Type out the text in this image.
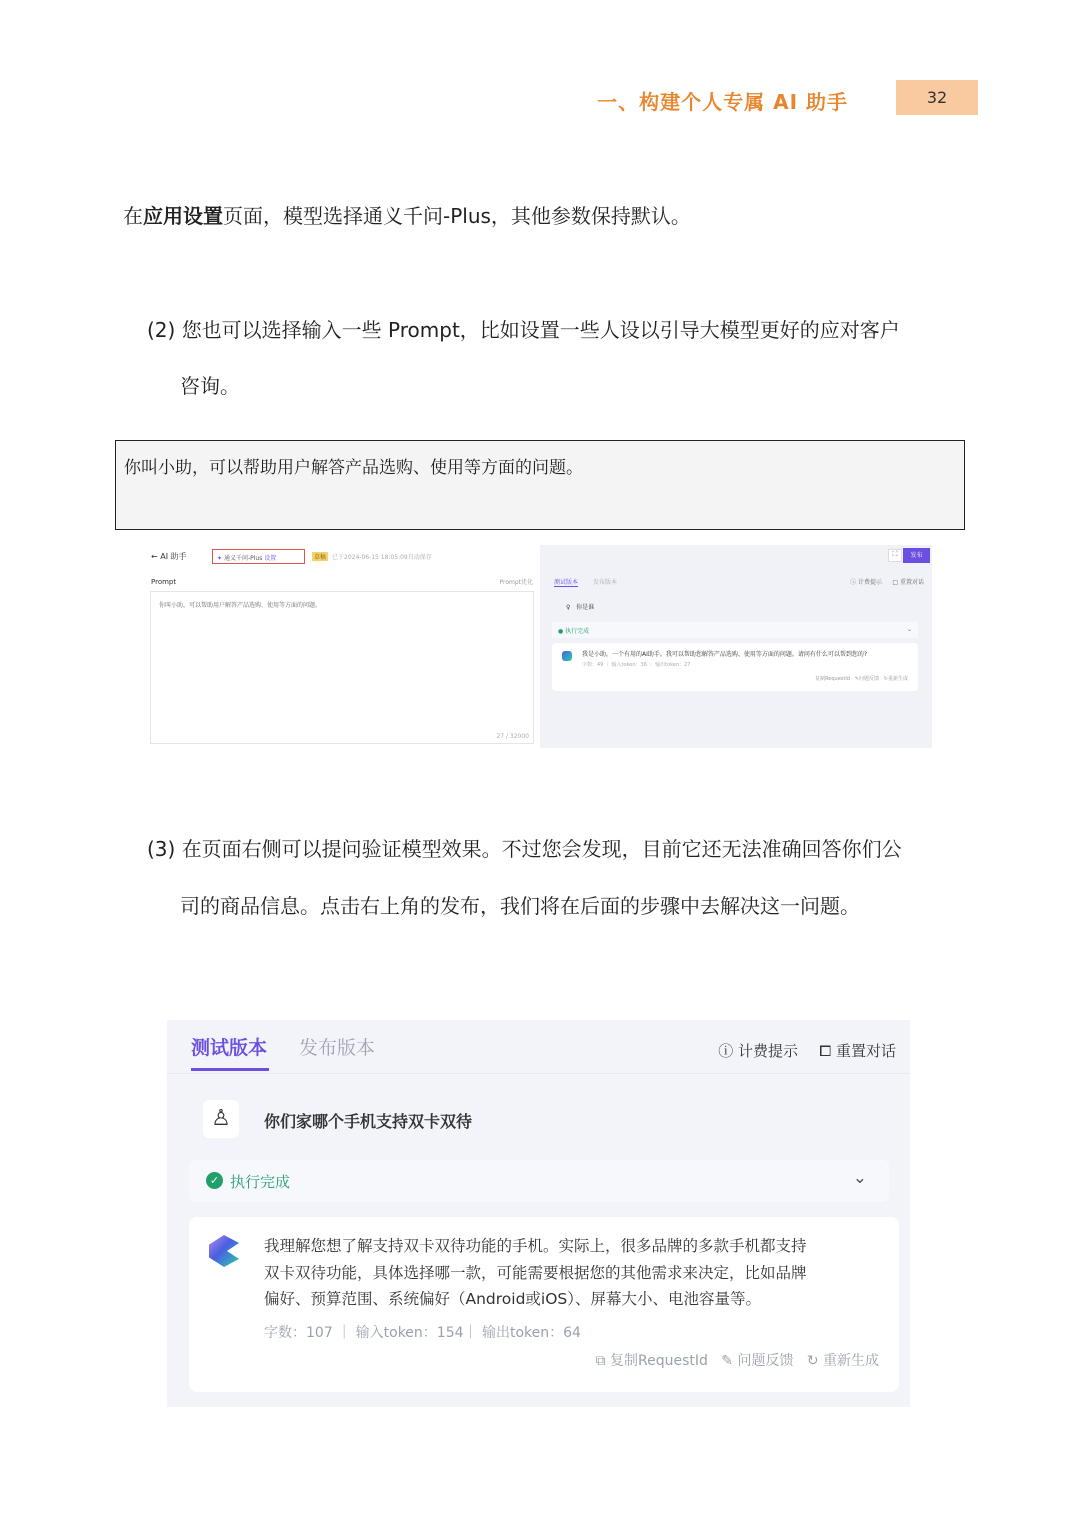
一、构建个人专属 AI 助手	32
在应用设置页面，模型选择通义千问-Plus，其他参数保持默认。
(2) 您也可以选择输入一些 Prompt，比如设置一些人设以引导大模型更好的应对客户
咨询。
你叫小助，可以帮助用户解答产品选购、使用等方面的问题。
← AI 助手	✦ 通义千问-Plus 设置	草稿 已于2024-06-15 18:05:09自动保存
Prompt	Prompt优化
你叫小助，可以帮助用户解答产品选购、使用等方面的问题。
27 / 32000
⛶	发布
测试版本 发布版本	ⓘ 计费提示 □ 重置对话
♀ 你是谁
● 执行完成	⌄
我是小助，一个有用的AI助手。我可以帮助您解答产品选购、使用等方面的问题。请问有什么可以帮到您的?
字数：49 ｜ 输入token：36 ｜ 输出token：27
复制RequestId   ✎问题反馈   ↻重新生成
(3) 在页面右侧可以提问验证模型效果。不过您会发现，目前它还无法准确回答你们公
司的商品信息。点击右上角的发布，我们将在后面的步骤中去解决这一问题。
测试版本 发布版本	ⓘ 计费提示 ⧠ 重置对话
♙	你们家哪个手机支持双卡双待
✓ 执行完成	⌄
我理解您想了解支持双卡双待功能的手机。实际上，很多品牌的多款手机都支持
双卡双待功能，具体选择哪一款，可能需要根据您的其他需求来决定，比如品牌
偏好、预算范围、系统偏好（Android或iOS）、屏幕大小、电池容量等。
字数：107 ｜ 输入token：154｜ 输出token：64
⧉ 复制RequestId ✎ 问题反馈 ↻ 重新生成
